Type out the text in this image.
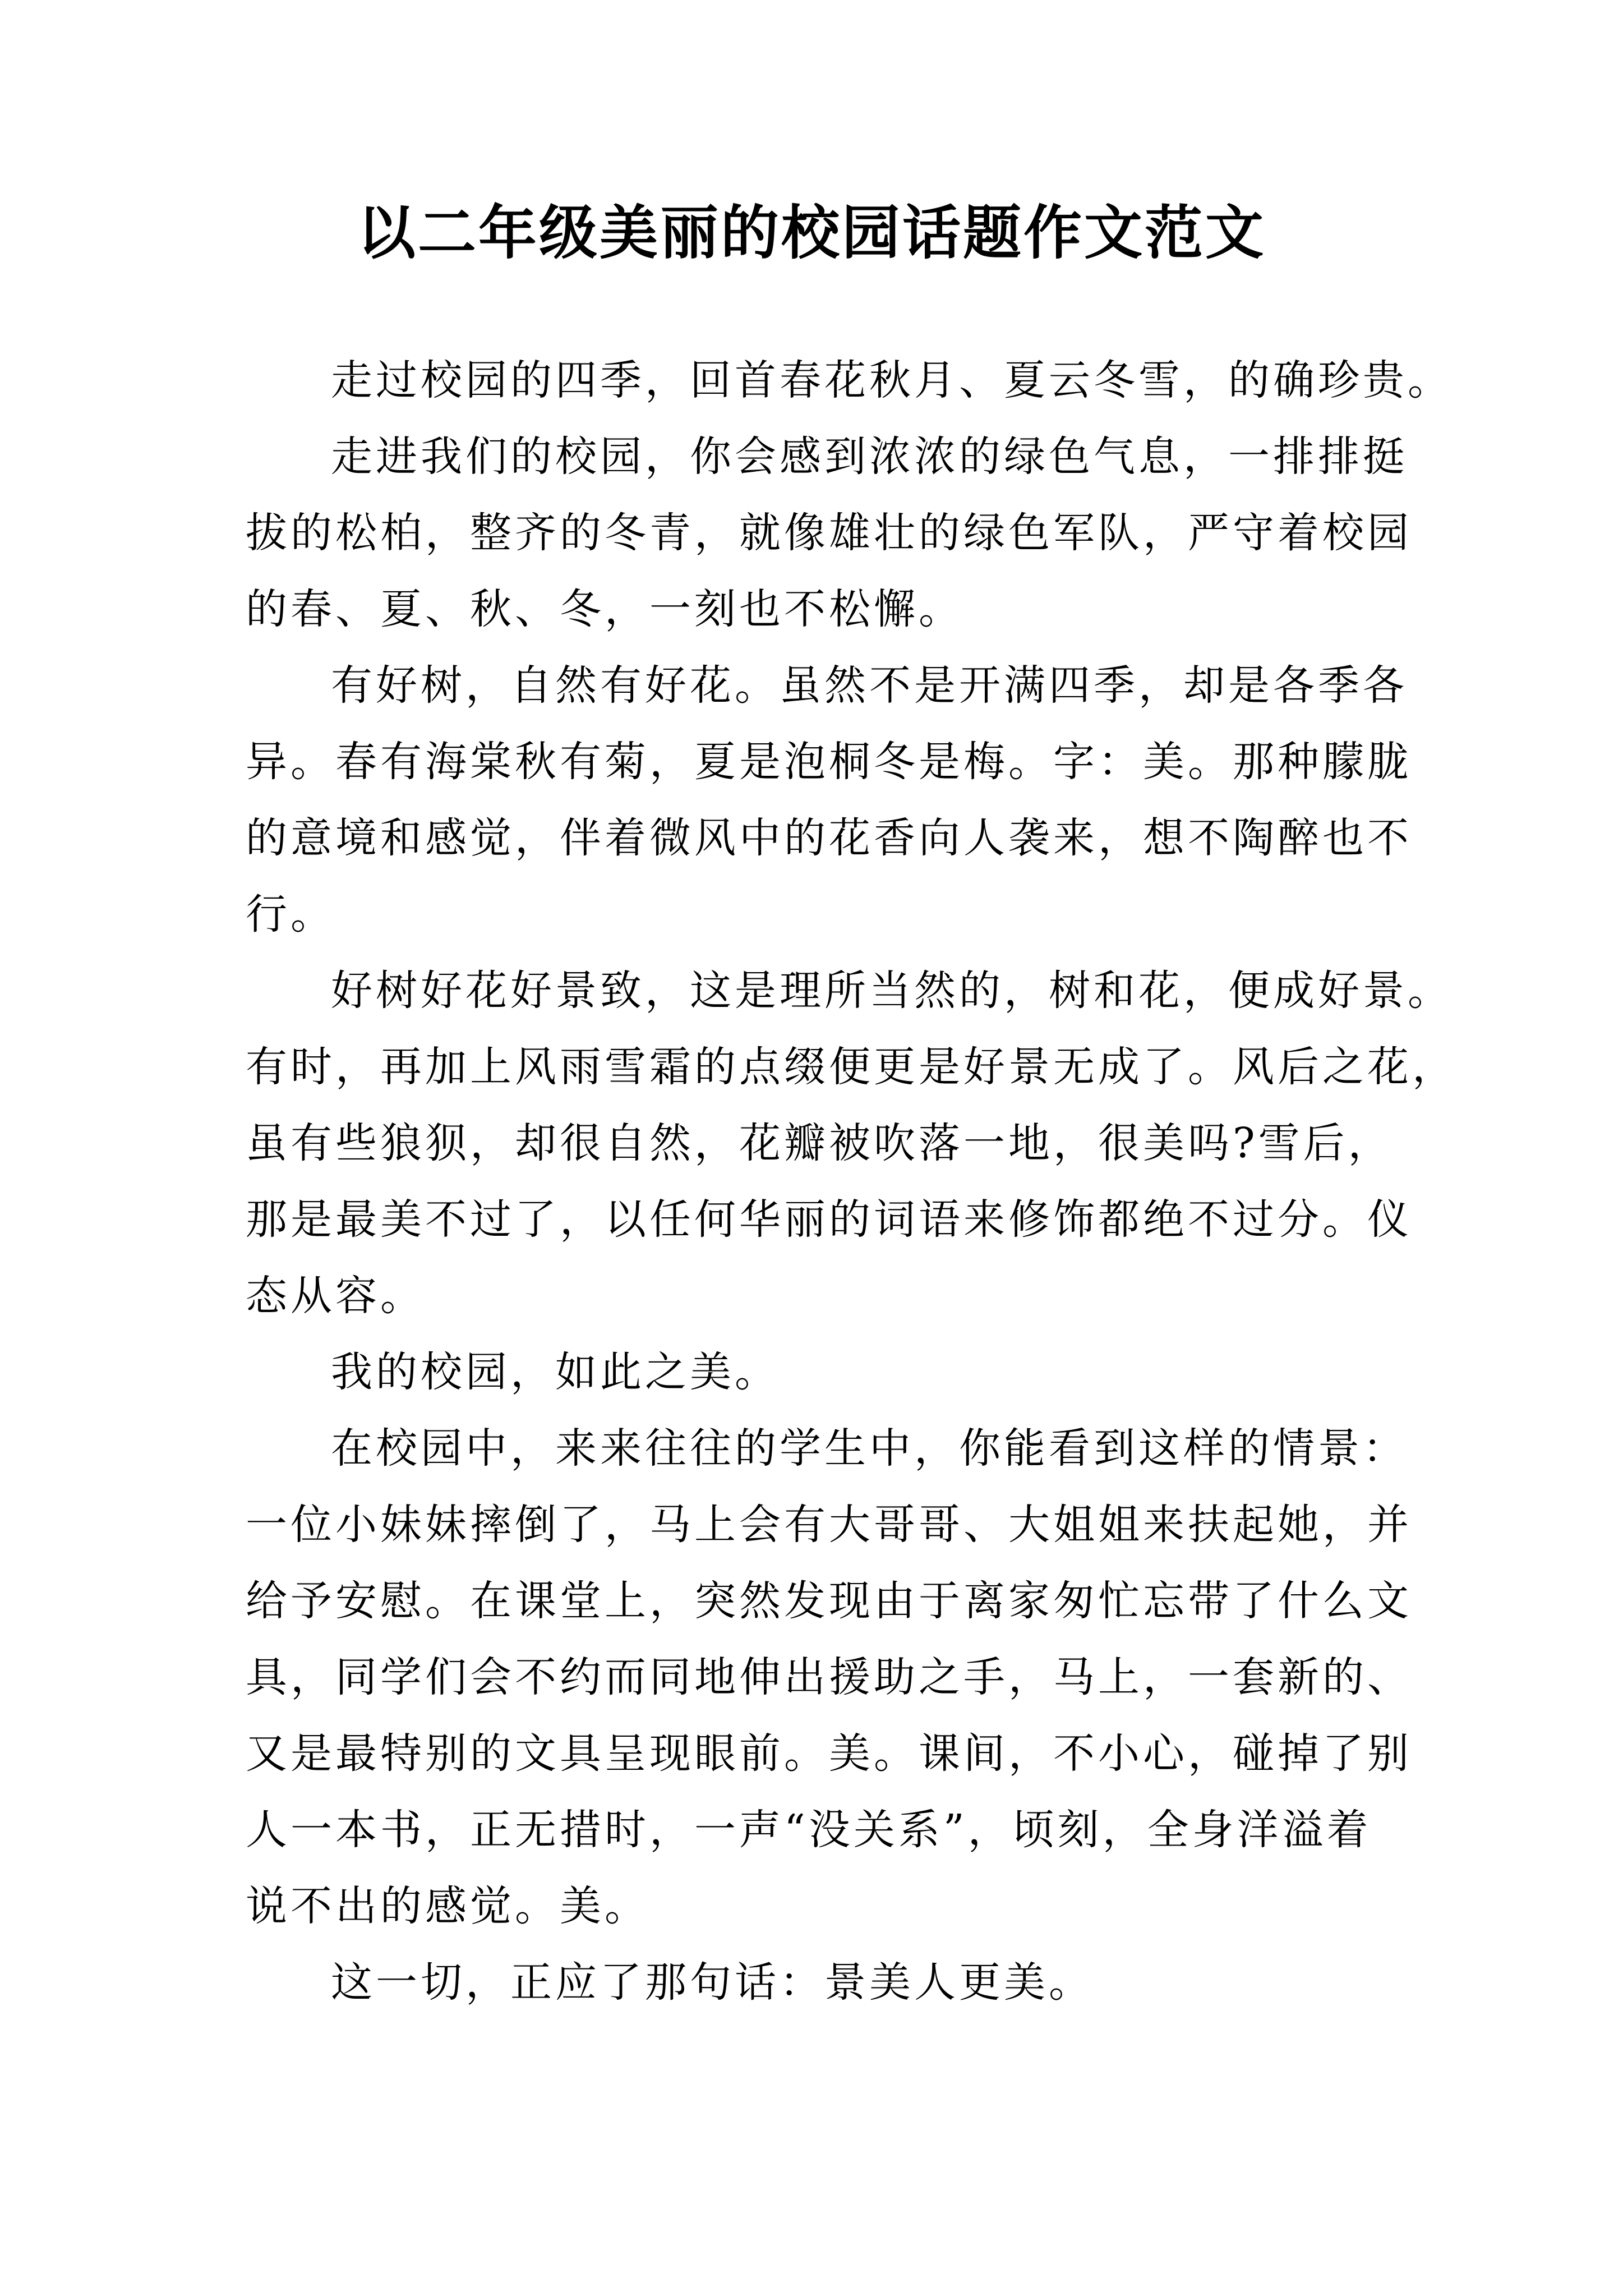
以二年级美丽的校园话题作文范文
走过校园的四季，回首春花秋月、夏云冬雪，的确珍贵。
走进我们的校园，你会感到浓浓的绿色气息，一排排挺
拔的松柏，整齐的冬青，就像雄壮的绿色军队，严守着校园
的春、夏、秋、冬，一刻也不松懈。
有好树，自然有好花。虽然不是开满四季，却是各季各
异。春有海棠秋有菊，夏是泡桐冬是梅。字：美。那种朦胧
的意境和感觉，伴着微风中的花香向人袭来，想不陶醉也不
行。
好树好花好景致，这是理所当然的，树和花，便成好景。
有时，再加上风雨雪霜的点缀便更是好景无成了。风后之花，
虽有些狼狈，却很自然，花瓣被吹落一地，很美吗?雪后，
那是最美不过了，以任何华丽的词语来修饰都绝不过分。仪
态从容。
我的校园，如此之美。
在校园中，来来往往的学生中，你能看到这样的情景：
一位小妹妹摔倒了，马上会有大哥哥、大姐姐来扶起她，并
给予安慰。在课堂上，突然发现由于离家匆忙忘带了什么文
具，同学们会不约而同地伸出援助之手，马上，一套新的、
又是最特别的文具呈现眼前。美。课间，不小心，碰掉了别
人一本书，正无措时，一声“没关系”，顷刻，全身洋溢着
说不出的感觉。美。
这一切，正应了那句话：景美人更美。
